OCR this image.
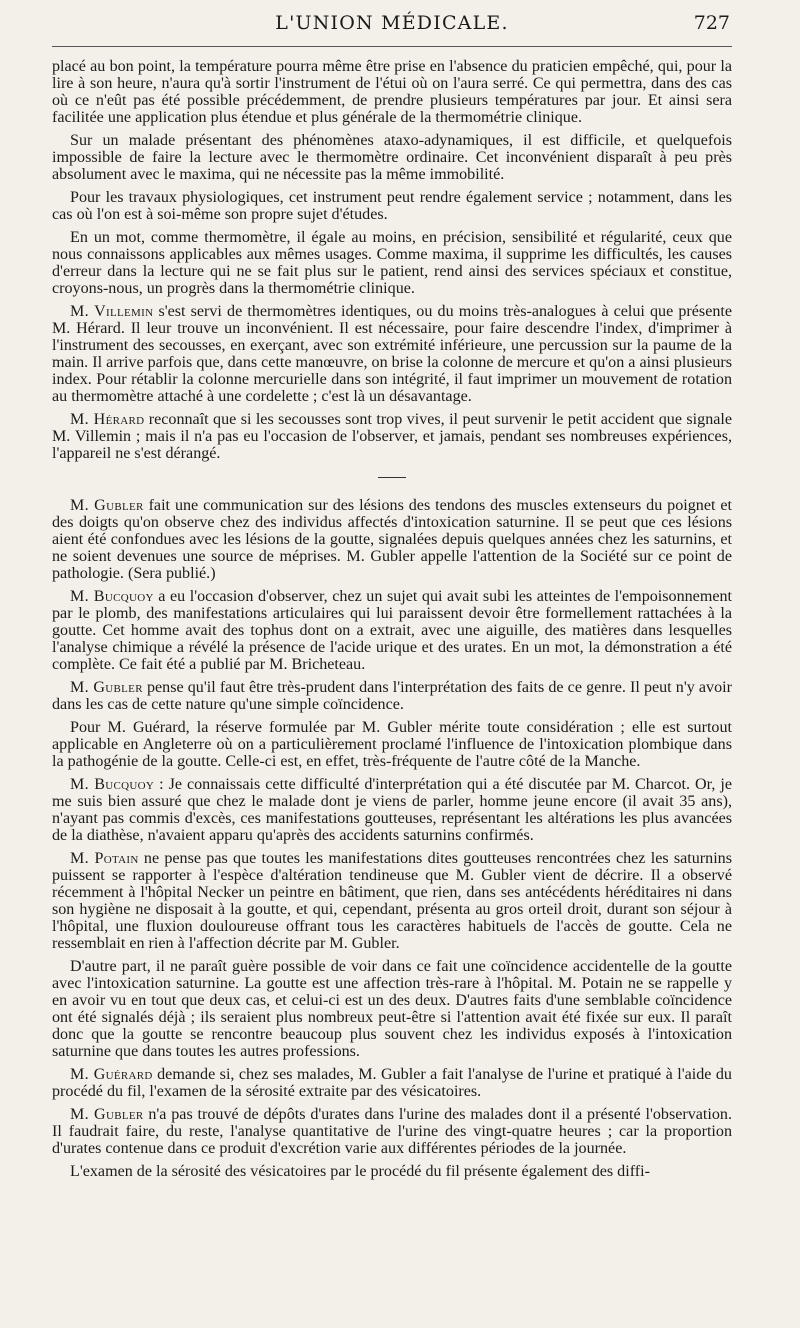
L'UNION MÉDICALE.	727

placé au bon point, la température pourra même être prise en l'absence du praticien empêché, qui, pour la lire à son heure, n'aura qu'à sortir l'instrument de l'étui où on l'aura serré. Ce qui permettra, dans des cas où ce n'eût pas été possible précédemment, de prendre plusieurs températures par jour. Et ainsi sera facilitée une application plus étendue et plus générale de la thermométrie clinique.

Sur un malade présentant des phénomènes ataxo-adynamiques, il est difficile, et quelquefois impossible de faire la lecture avec le thermomètre ordinaire. Cet inconvénient disparaît à peu près absolument avec le maxima, qui ne nécessite pas la même immobilité.

Pour les travaux physiologiques, cet instrument peut rendre également service ; notamment, dans les cas où l'on est à soi-même son propre sujet d'études.

En un mot, comme thermomètre, il égale au moins, en précision, sensibilité et régularité, ceux que nous connaissons applicables aux mêmes usages. Comme maxima, il supprime les difficultés, les causes d'erreur dans la lecture qui ne se fait plus sur le patient, rend ainsi des services spéciaux et constitue, croyons-nous, un progrès dans la thermométrie clinique.

M. Villemin s'est servi de thermomètres identiques, ou du moins très-analogues à celui que présente M. Hérard. Il leur trouve un inconvénient. Il est nécessaire, pour faire descendre l'index, d'imprimer à l'instrument des secousses, en exerçant, avec son extrémité inférieure, une percussion sur la paume de la main. Il arrive parfois que, dans cette manœuvre, on brise la colonne de mercure et qu'on a ainsi plusieurs index. Pour rétablir la colonne mercurielle dans son intégrité, il faut imprimer un mouvement de rotation au thermomètre attaché à une cordelette ; c'est là un désavantage.

M. Hérard reconnaît que si les secousses sont trop vives, il peut survenir le petit accident que signale M. Villemin ; mais il n'a pas eu l'occasion de l'observer, et jamais, pendant ses nombreuses expériences, l'appareil ne s'est dérangé.

M. Gubler fait une communication sur des lésions des tendons des muscles extenseurs du poignet et des doigts qu'on observe chez des individus affectés d'intoxication saturnine. Il se peut que ces lésions aient été confondues avec les lésions de la goutte, signalées depuis quelques années chez les saturnins, et ne soient devenues une source de méprises. M. Gubler appelle l'attention de la Société sur ce point de pathologie. (Sera publié.)

M. Bucquoy a eu l'occasion d'observer, chez un sujet qui avait subi les atteintes de l'empoisonnement par le plomb, des manifestations articulaires qui lui paraissent devoir être formellement rattachées à la goutte. Cet homme avait des tophus dont on a extrait, avec une aiguille, des matières dans lesquelles l'analyse chimique a révélé la présence de l'acide urique et des urates. En un mot, la démonstration a été complète. Ce fait été a publié par M. Bricheteau.

M. Gubler pense qu'il faut être très-prudent dans l'interprétation des faits de ce genre. Il peut n'y avoir dans les cas de cette nature qu'une simple coïncidence.

Pour M. Guérard, la réserve formulée par M. Gubler mérite toute considération ; elle est surtout applicable en Angleterre où on a particulièrement proclamé l'influence de l'intoxication plombique dans la pathogénie de la goutte. Celle-ci est, en effet, très-fréquente de l'autre côté de la Manche.

M. Bucquoy : Je connaissais cette difficulté d'interprétation qui a été discutée par M. Charcot. Or, je me suis bien assuré que chez le malade dont je viens de parler, homme jeune encore (il avait 35 ans), n'ayant pas commis d'excès, ces manifestations goutteuses, représentant les altérations les plus avancées de la diathèse, n'avaient apparu qu'après des accidents saturnins confirmés.

M. Potain ne pense pas que toutes les manifestations dites goutteuses rencontrées chez les saturnins puissent se rapporter à l'espèce d'altération tendineuse que M. Gubler vient de décrire. Il a observé récemment à l'hôpital Necker un peintre en bâtiment, que rien, dans ses antécédents héréditaires ni dans son hygiène ne disposait à la goutte, et qui, cependant, présenta au gros orteil droit, durant son séjour à l'hôpital, une fluxion douloureuse offrant tous les caractères habituels de l'accès de goutte. Cela ne ressemblait en rien à l'affection décrite par M. Gubler.

D'autre part, il ne paraît guère possible de voir dans ce fait une coïncidence accidentelle de la goutte avec l'intoxication saturnine. La goutte est une affection très-rare à l'hôpital. M. Potain ne se rappelle y en avoir vu en tout que deux cas, et celui-ci est un des deux. D'autres faits d'une semblable coïncidence ont été signalés déjà ; ils seraient plus nombreux peut-être si l'attention avait été fixée sur eux. Il paraît donc que la goutte se rencontre beaucoup plus souvent chez les individus exposés à l'intoxication saturnine que dans toutes les autres professions.

M. Guérard demande si, chez ses malades, M. Gubler a fait l'analyse de l'urine et pratiqué à l'aide du procédé du fil, l'examen de la sérosité extraite par des vésicatoires.

M. Gubler n'a pas trouvé de dépôts d'urates dans l'urine des malades dont il a présenté l'observation. Il faudrait faire, du reste, l'analyse quantitative de l'urine des vingt-quatre heures ; car la proportion d'urates contenue dans ce produit d'excrétion varie aux différentes périodes de la journée.

L'examen de la sérosité des vésicatoires par le procédé du fil présente également des diffi-
